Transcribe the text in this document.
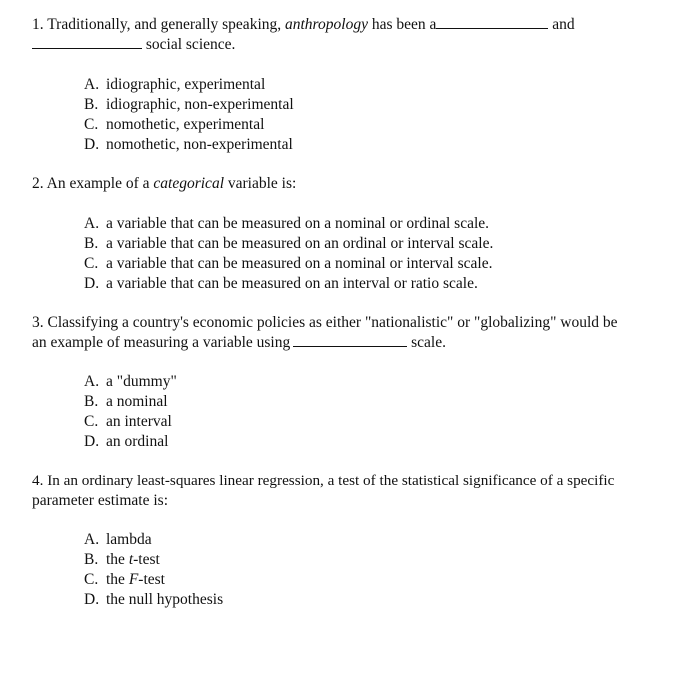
1. Traditionally, and generally speaking, anthropology has been a	and
social science.
A. idiographic, experimental
B. idiographic, non-experimental
C. nomothetic, experimental
D. nomothetic, non-experimental
2. An example of a categorical variable is:
A. a variable that can be measured on a nominal or ordinal scale.
B. a variable that can be measured on an ordinal or interval scale.
C. a variable that can be measured on a nominal or interval scale.
D. a variable that can be measured on an interval or ratio scale.
3. Classifying a country's economic policies as either "nationalistic" or "globalizing" would be
an example of measuring a variable using	scale.
A. a "dummy"
B. a nominal
C. an interval
D. an ordinal
4. In an ordinary least-squares linear regression, a test of the statistical significance of a specific
parameter estimate is:
A. lambda
B. the t-test
C. the F-test
D. the null hypothesis
